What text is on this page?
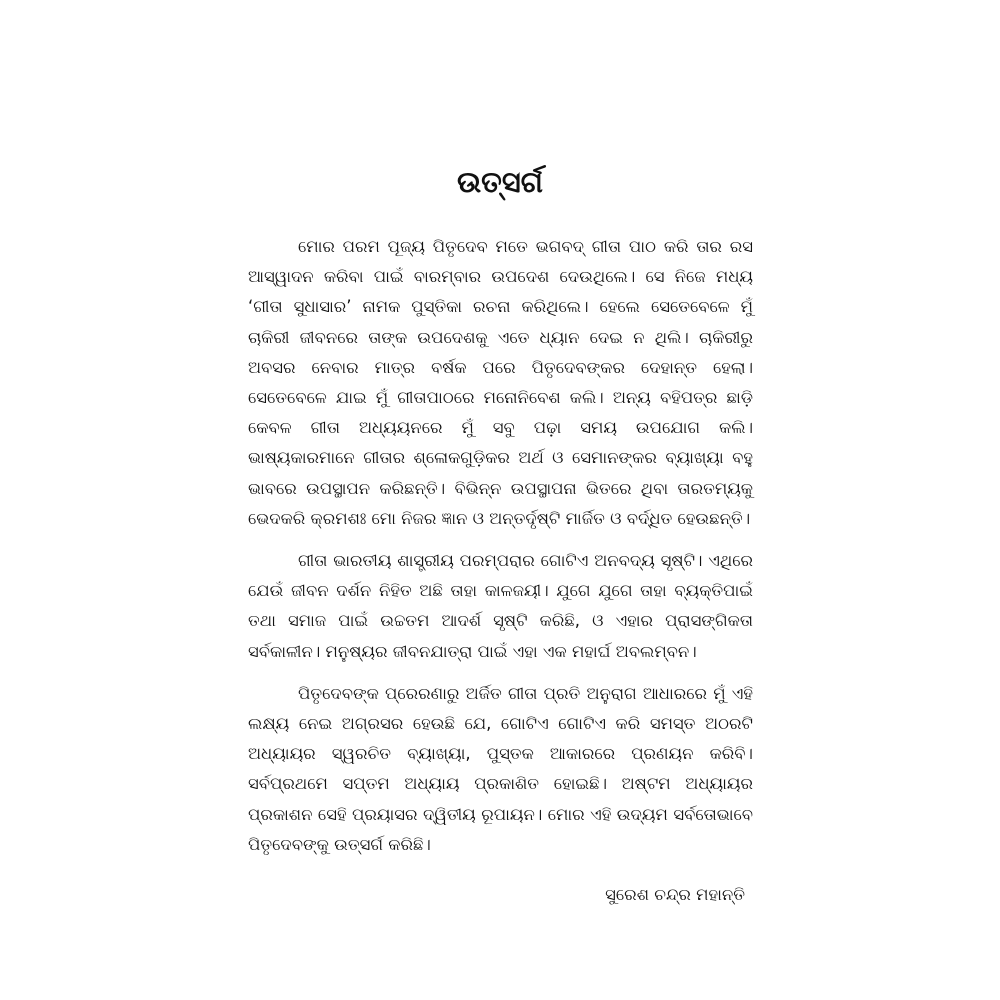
ଉତ୍ସର୍ଗ

ମୋର ପରମ ପୂଜ୍ୟ ପିତୃଦେବ ମତେ ଭଗବଦ୍ ଗୀତା ପାଠ କରି ତାର ରସ ଆସ୍ୱାଦନ କରିବା ପାଇଁ ବାରମ୍ବାର ଉପଦେଶ ଦେଉଥିଲେ। ସେ ନିଜେ ମଧ୍ୟ ‘ଗୀତା ସୁଧାସାର’ ନାମକ ପୁସ୍ତିକା ରଚନା କରିଥିଲେ। ହେଲେ ସେତେବେଳେ ମୁଁ ଚାକିରୀ ଜୀବନରେ ତାଙ୍କ ଉପଦେଶକୁ ଏତେ ଧ୍ୟାନ ଦେଇ ନ ଥିଲି। ଚାକିରୀରୁ ଅବସର ନେବାର ମାତ୍ର ବର୍ଷକ ପରେ ପିତୃଦେବଙ୍କର ଦେହାନ୍ତ ହେଲା। ସେତେବେଳେ ଯାଇ ମୁଁ ଗୀତାପାଠରେ ମନୋନିବେଶ କଲି। ଅନ୍ୟ ବହିପତ୍ର ଛାଡ଼ି କେବଳ ଗୀତା ଅଧ୍ୟୟନରେ ମୁଁ ସବୁ ପଢ଼ା ସମୟ ଉପଯୋଗ କଲି। ଭାଷ୍ୟକାରମାନେ ଗୀତାର ଶ୍ଳୋକଗୁଡ଼ିକର ଅର୍ଥ ଓ ସେମାନଙ୍କର ବ୍ୟାଖ୍ୟା ବହୁ ଭାବରେ ଉପସ୍ଥାପନ କରିଛନ୍ତି। ବିଭିନ୍ନ ଉପସ୍ଥାପନା ଭିତରେ ଥିବା ତାରତମ୍ୟକୁ ଭେଦକରି କ୍ରମଶଃ ମୋ ନିଜର ଜ୍ଞାନ ଓ ଅନ୍ତର୍ଦୃଷ୍ଟି ମାର୍ଜିତ ଓ ବର୍ଦ୍ଧିତ ହେଉଛନ୍ତି।

ଗୀତା ଭାରତୀୟ ଶାସ୍ତ୍ରୀୟ ପରମ୍ପରାର ଗୋଟିଏ ଅନବଦ୍ୟ ସୃଷ୍ଟି। ଏଥିରେ ଯେଉଁ ଜୀବନ ଦର୍ଶନ ନିହିତ ଅଛି ତାହା କାଳଜୟୀ। ଯୁଗେ ଯୁଗେ ତାହା ବ୍ୟକ୍ତିପାଇଁ ତଥା ସମାଜ ପାଇଁ ଉଚ୍ଚତମ ଆଦର୍ଶ ସୃଷ୍ଟି କରିଛି, ଓ ଏହାର ପ୍ରାସଙ୍ଗିକତା ସର୍ବକାଳୀନ। ମନୁଷ୍ୟର ଜୀବନଯାତ୍ରା ପାଇଁ ଏହା ଏକ ମହାର୍ଘ ଅବଲମ୍ବନ।

ପିତୃଦେବଙ୍କ ପ୍ରେରଣାରୁ ଅର୍ଜିତ ଗୀତା ପ୍ରତି ଅନୁରାଗ ଆଧାରରେ ମୁଁ ଏହି ଲକ୍ଷ୍ୟ ନେଇ ଅଗ୍ରସର ହେଉଛି ଯେ, ଗୋଟିଏ ଗୋଟିଏ କରି ସମସ୍ତ ଅଠରଟି ଅଧ୍ୟାୟର ସ୍ୱରଚିତ ବ୍ୟାଖ୍ୟା, ପୁସ୍ତକ ଆକାରରେ ପ୍ରଣୟନ କରିବି। ସର୍ବପ୍ରଥମେ ସପ୍ତମ ଅଧ୍ୟାୟ ପ୍ରକାଶିତ ହୋଇଛି। ଅଷ୍ଟମ ଅଧ୍ୟାୟର ପ୍ରକାଶନ ସେହି ପ୍ରୟାସର ଦ୍ୱିତୀୟ ରୂପାୟନ। ମୋର ଏହି ଉଦ୍ୟମ ସର୍ବତୋଭାବେ ପିତୃଦେବଙ୍କୁ ଉତ୍ସର୍ଗ କରିଛି।

ସୁରେଶ ଚନ୍ଦ୍ର ମହାନ୍ତି
